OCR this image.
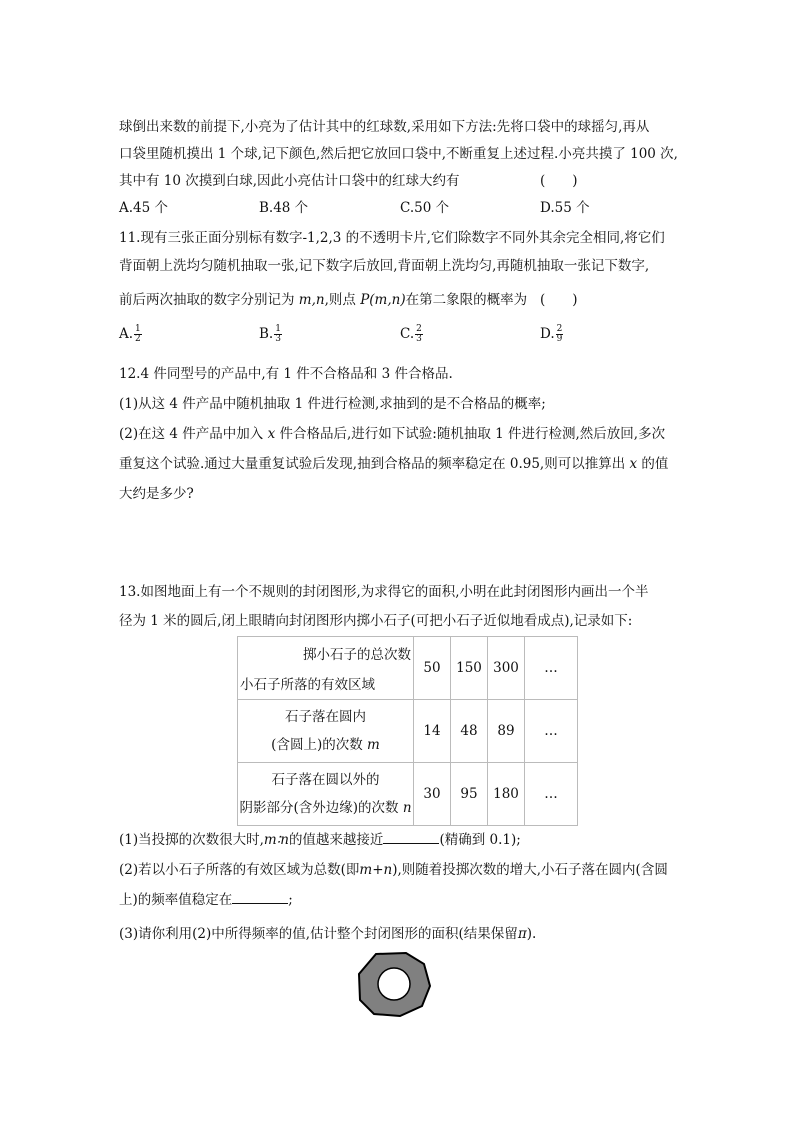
球倒出来数的前提下,小亮为了估计其中的红球数,采用如下方法:先将口袋中的球摇匀,再从
口袋里随机摸出 1 个球,记下颜色,然后把它放回口袋中,不断重复上述过程.小亮共摸了 100 次,
其中有 10 次摸到白球,因此小亮估计口袋中的红球大约有	(　　)
A.45 个	B.48 个	C.50 个	D.55 个
11.现有三张正面分别标有数字-1,2,3 的不透明卡片,它们除数字不同外其余完全相同,将它们
背面朝上洗均匀随机抽取一张,记下数字后放回,背面朝上洗均匀,再随机抽取一张记下数字,
前后两次抽取的数字分别记为 m,n,则点 P(m,n)在第二象限的概率为 (　　)
A. $\frac{1}{2}$	B. $\frac{1}{3}$	C. $\frac{2}{3}$	D. $\frac{2}{9}$
12.4 件同型号的产品中,有 1 件不合格品和 3 件合格品.
(1)从这 4 件产品中随机抽取 1 件进行检测,求抽到的是不合格品的概率;
(2)在这 4 件产品中加入 x 件合格品后,进行如下试验:随机抽取 1 件进行检测,然后放回,多次
重复这个试验.通过大量重复试验后发现,抽到合格品的频率稳定在 0.95,则可以推算出 x 的值
大约是多少?
13.如图地面上有一个不规则的封闭图形,为求得它的面积,小明在此封闭图形内画出一个半
径为 1 米的圆后,闭上眼睛向封闭图形内掷小石子(可把小石子近似地看成点),记录如下:
掷小石子的总次数
小石子所落的有效区域	50	150	300	…

石子落在圆内
(含圆上)的次数 m	14	48	89	…

石子落在圆以外的
阴影部分(含外边缘)的次数 n	30	95	180	…
(1)当投掷的次数很大时,m∶n的值越来越接近	(精确到 0.1);
(2)若以小石子所落的有效区域为总数(即m+n),则随着投掷次数的增大,小石子落在圆内(含圆
上)的频率值稳定在	;
(3)请你利用(2)中所得频率的值,估计整个封闭图形的面积(结果保留π).
